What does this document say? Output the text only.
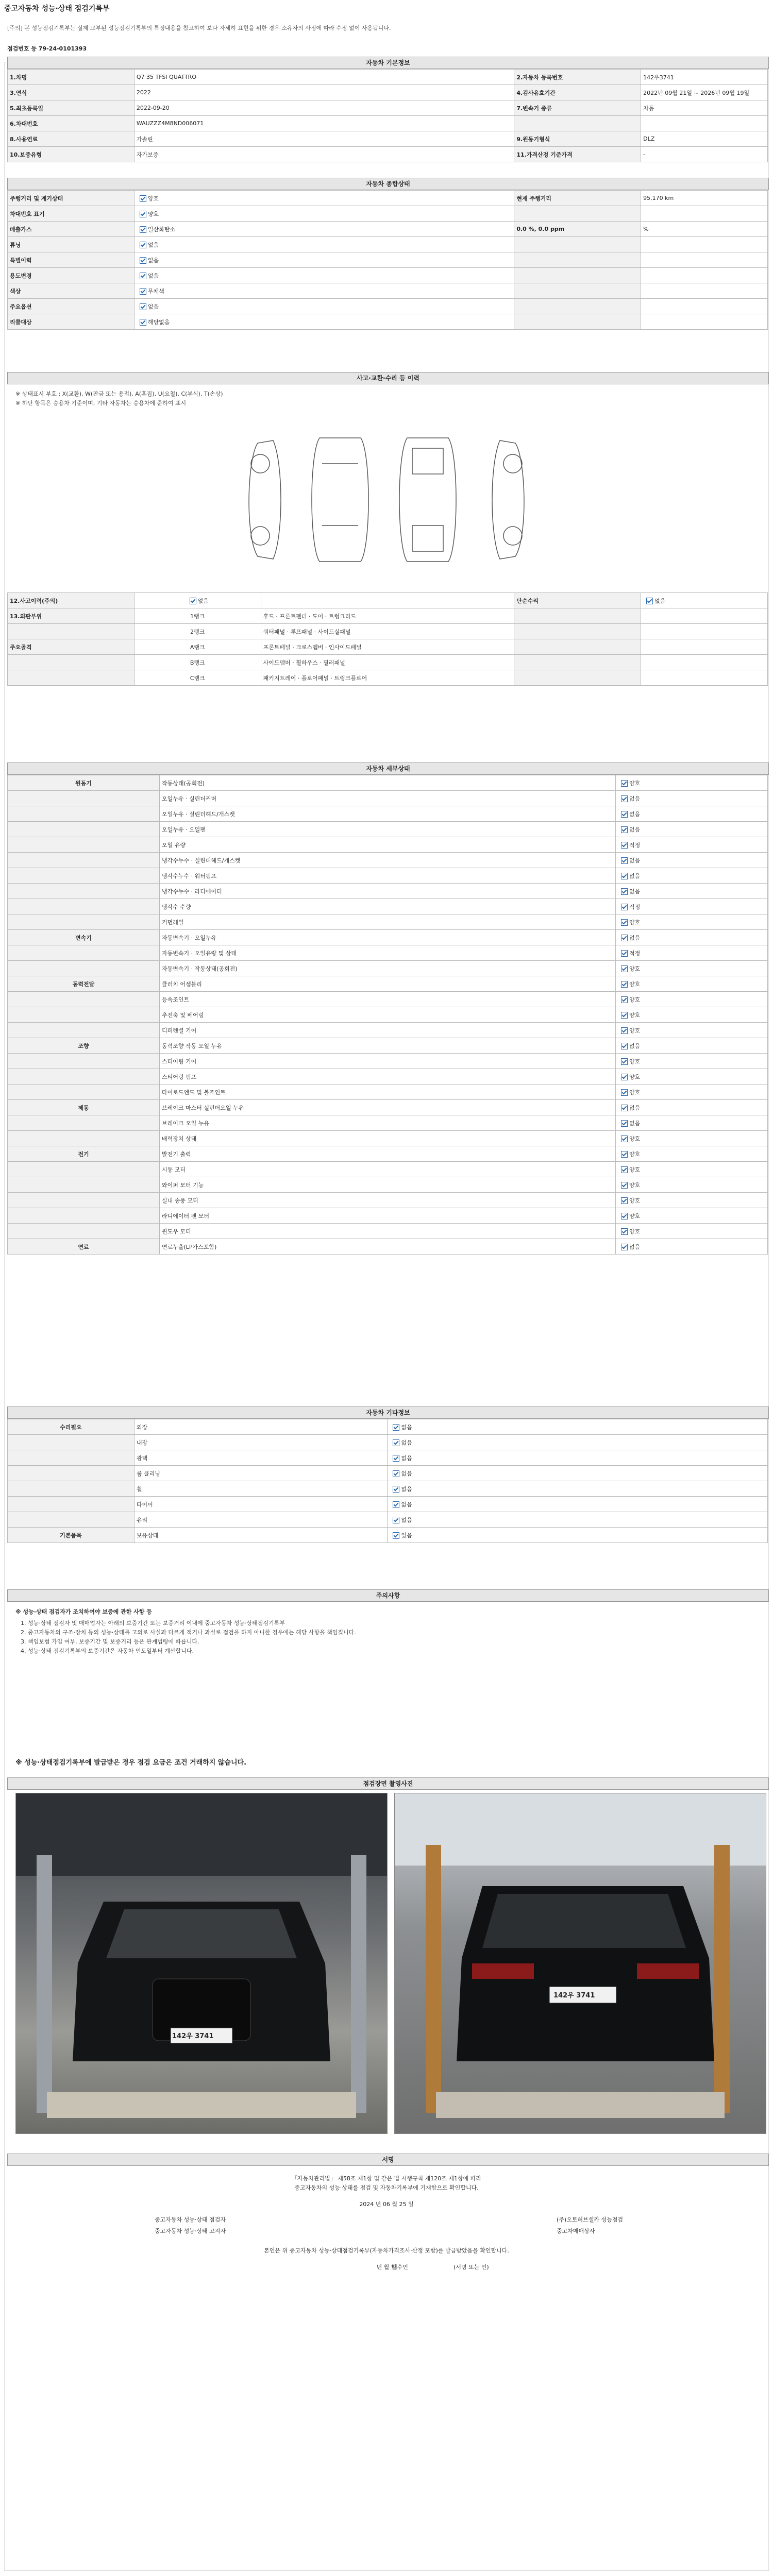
중고자동차 성능·상태 점검기록부
[주의] 본 성능점검기록부는 실제 교부된 성능점검기록부의 특정내용을 참고하여 보다 자세히 표현을 위한 경우 소유자의 사정에 따라 수정 없이 사용됩니다.
점검번호 등 79-24-0101393
자동차 기본정보
1.차명	Q7 35 TFSI QUATTRO	2.자동차 등록번호	142우3741
3.연식	2022	4.검사유효기간	2022년 09월 21일 ~ 2026년 09월 19일
5.최초등록일	2022-09-20	7.변속기 종류	자동
6.차대번호	WAUZZZ4M8ND006071		
8.사용연료	가솔린	9.원동기형식	DLZ
10.보증유형	자가보증	11.가격산정 기준가격	-
자동차 종합상태
주행거리 및 계기상태	양호	현재 주행거리	95,170 km
차대번호 표기	양호		
배출가스	일산화탄소	0.0 %, 0.0 ppm	%
튜닝	없음		
특별이력	없음		
용도변경	없음		
색상	무채색		
주요옵션	없음		
리콜대상	해당없음		
사고·교환·수리 등 이력
※ 상태표시 부호 : X(교환), W(판금 또는 용접), A(흠집), U(요철), C(부식), T(손상)
※ 하단 항목은 승용차 기준이며, 기타 자동차는 승용차에 준하여 표시
12.사고이력(주의)	없음		단순수리	없음
13.외판부위	1랭크	후드 · 프론트펜더 · 도어 · 트렁크리드		
	2랭크	쿼터패널 · 루프패널 · 사이드실패널		
주요골격	A랭크	프론트패널 · 크로스멤버 · 인사이드패널		
	B랭크	사이드멤버 · 휠하우스 · 필러패널		
	C랭크	패키지트레이 · 플로어패널 · 트렁크플로어		
자동차 세부상태
원동기	작동상태(공회전)	양호
	오일누유 · 실린더커버	없음
	오일누유 · 실린더헤드/개스켓	없음
	오일누유 · 오일팬	없음
	오일 유량	적정
	냉각수누수 · 실린더헤드/개스켓	없음
	냉각수누수 · 워터펌프	없음
	냉각수누수 · 라디에이터	없음
	냉각수 수량	적정
	커먼레일	양호
변속기	자동변속기 · 오일누유	없음
	자동변속기 · 오일유량 및 상태	적정
	자동변속기 · 작동상태(공회전)	양호
동력전달	클러치 어셈블리	양호
	등속조인트	양호
	추진축 및 베어링	양호
	디퍼렌셜 기어	양호
조향	동력조향 작동 오일 누유	없음
	스티어링 기어	양호
	스티어링 펌프	양호
	타이로드엔드 및 볼조인트	양호
제동	브레이크 마스터 실린더오일 누유	없음
	브레이크 오일 누유	없음
	배력장치 상태	양호
전기	발전기 출력	양호
	시동 모터	양호
	와이퍼 모터 기능	양호
	실내 송풍 모터	양호
	라디에이터 팬 모터	양호
	윈도우 모터	양호
연료	연료누출(LP가스포함)	없음
자동차 기타정보
수리필요	외장	없음
	내장	없음
	광택	없음
	룸 클리닝	없음
	휠	없음
	타이어	없음
	유리	없음
기본품목	보유상태	있음
주의사항
※ 성능·상태 점검자가 조치하여야 보증에 관한 사항 등
1. 성능·상태 점검자 및 매매업자는 아래의 보증기간 또는 보증거리 이내에 중고자동차 성능·상태점검기록부
2. 중고자동차의 구조·장치 등의 성능·상태를 고의로 사실과 다르게 적거나 과실로 점검을 하지 아니한 경우에는 해당 사항을 책임집니다.
3. 책임보험 가입 여부, 보증기간 및 보증거리 등은 관계법령에 따릅니다.
4. 성능·상태 점검기록부의 보증기간은 자동차 인도일부터 계산합니다.
※ 성능·상태점검기록부에 발급받은 경우 점검 요금은 조건 거래하지 않습니다.
점검장면 촬영사진
142우 3741
142우 3741
서명
「자동차관리법」 제58조 제1항 및 같은 법 시행규칙 제120조 제1항에 따라
중고자동차의 성능·상태를 점검 및 자동차기록부에 기재함으로 확인합니다.
2024 년 06 월 25 일
중고자동차 성능·상태 점검자	(주)오토허브셀카 성능점검
중고자동차 성능·상태 고지자	중고차매매상사
본인은 위 중고자동차 성능·상태점검기록부(자동차가격조사·산정 포함)를 발급받았음을 확인합니다.
년 월 일
매수인	(서명 또는 인)
